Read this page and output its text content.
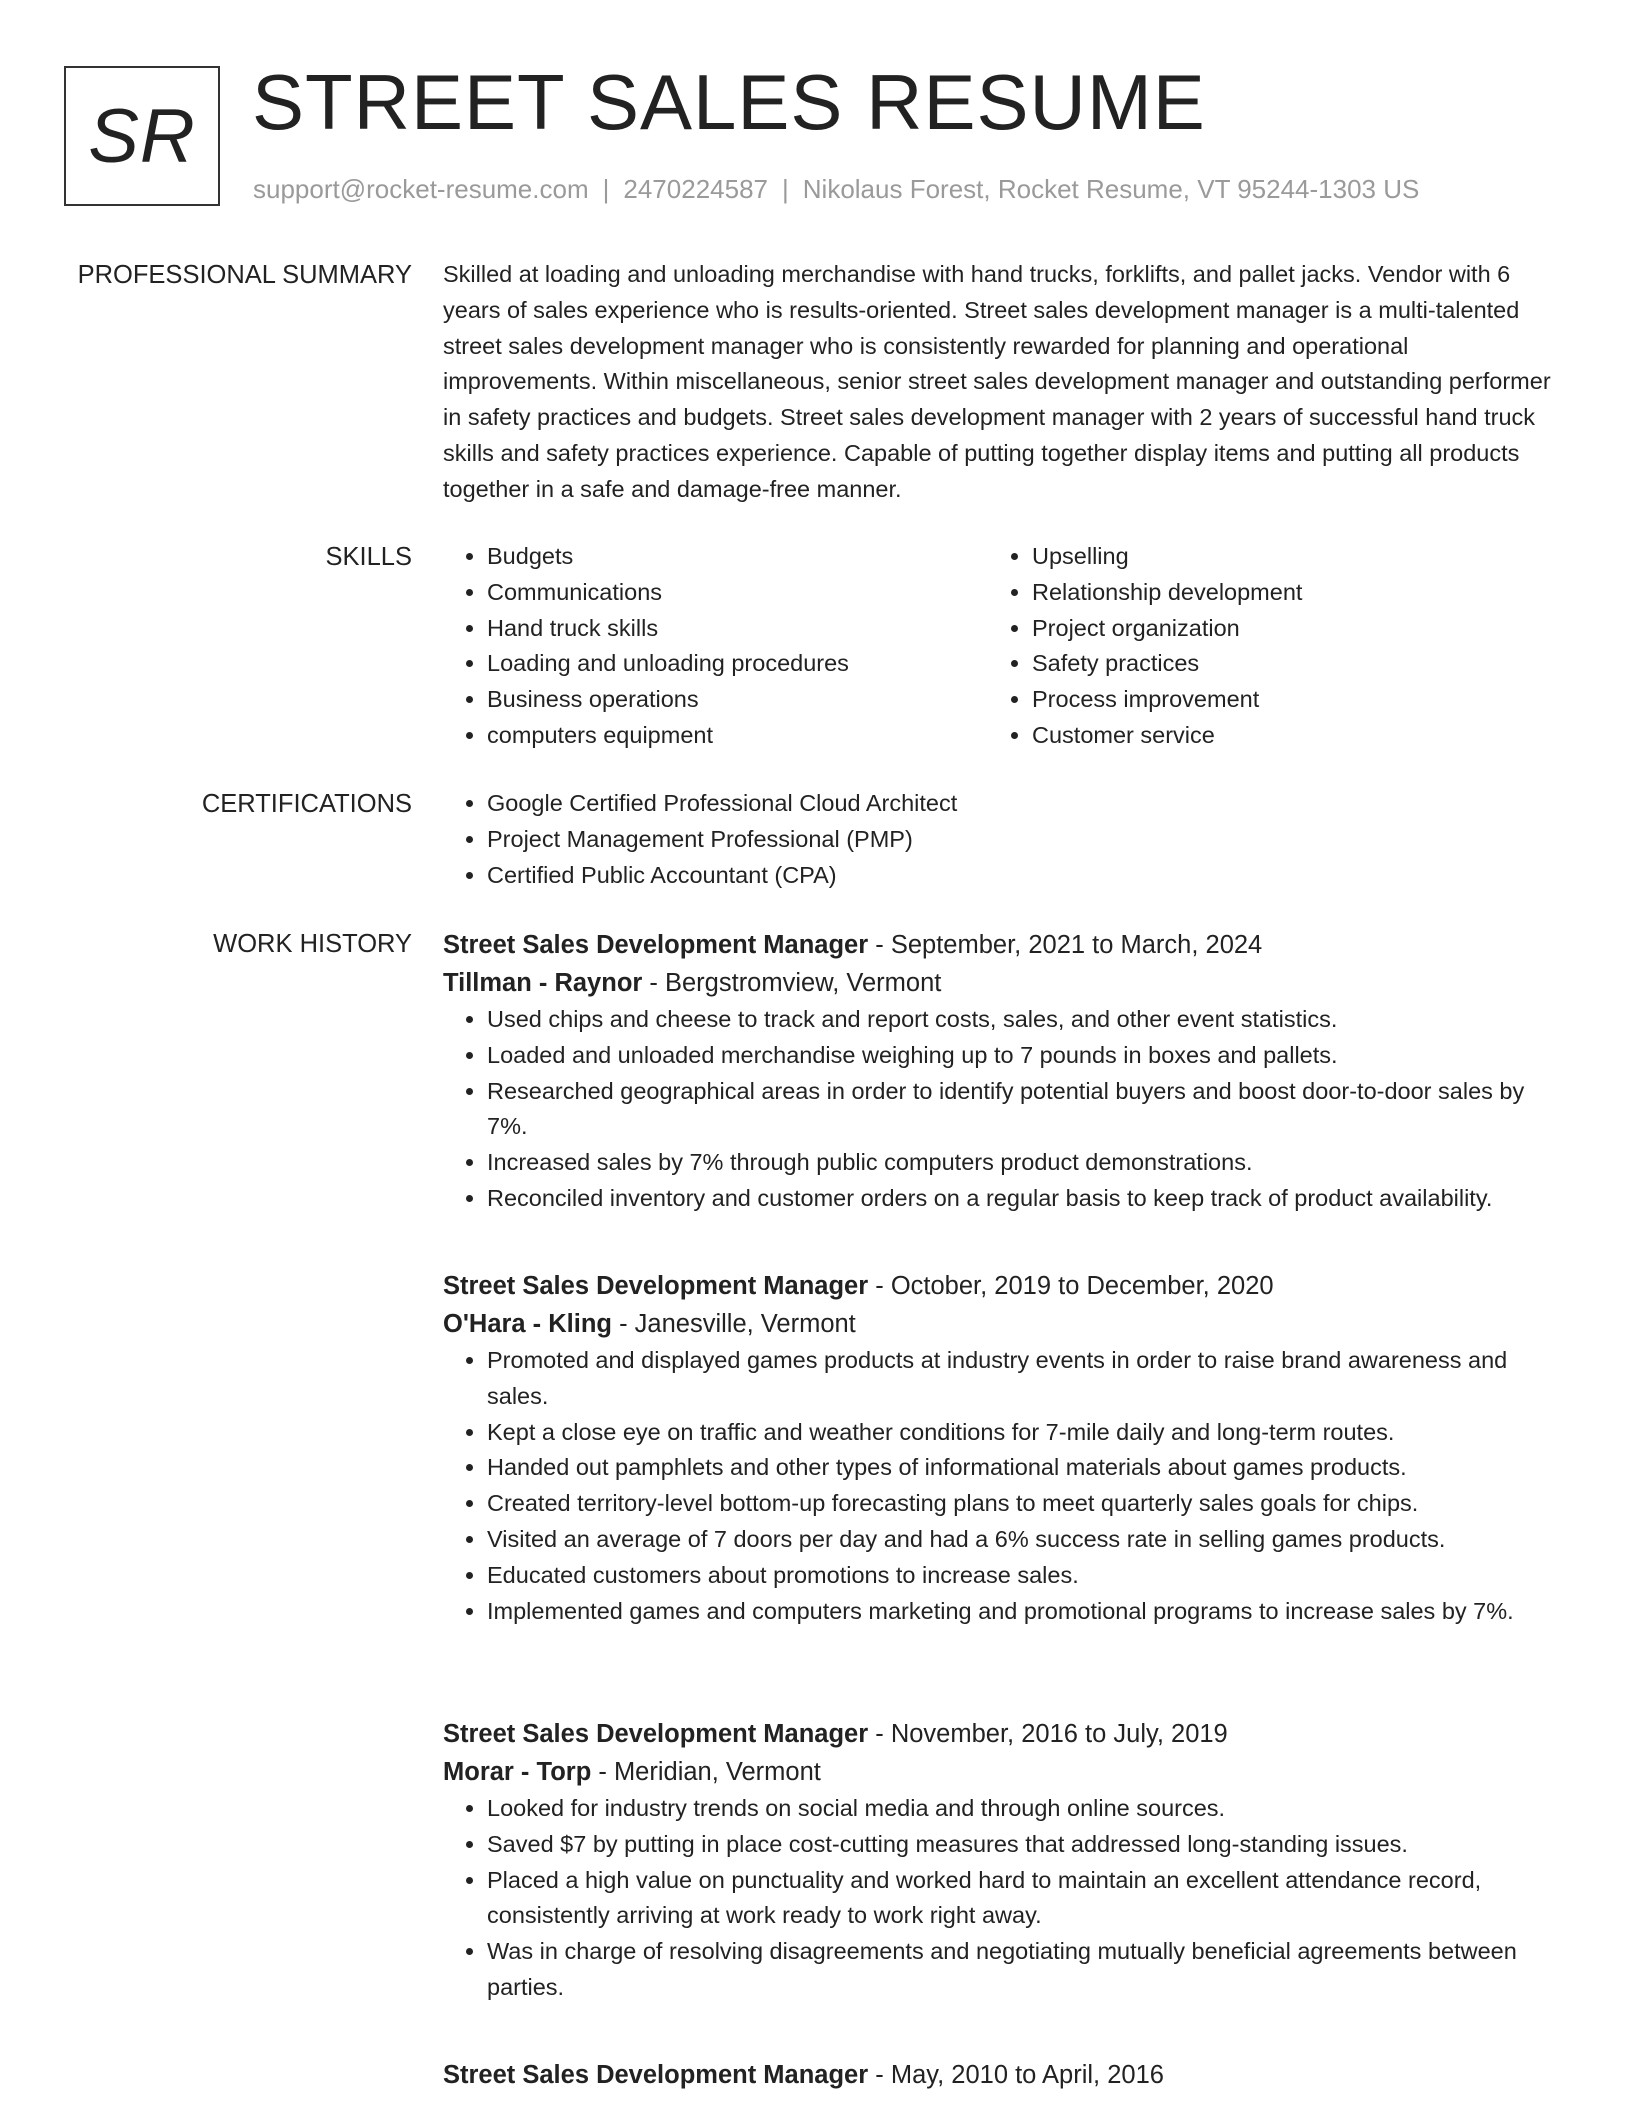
SR STREET SALES RESUME
support@rocket-resume.com | 2470224587 | Nikolaus Forest, Rocket Resume, VT 95244-1303 US
PROFESSIONAL SUMMARY Skilled at loading and unloading merchandise with hand trucks, forklifts, and pallet jacks. Vendor with 6 years of sales experience who is results-oriented. Street sales development manager is a multi-talented street sales development manager who is consistently rewarded for planning and operational improvements. Within miscellaneous, senior street sales development manager and outstanding performer in safety practices and budgets. Street sales development manager with 2 years of successful hand truck skills and safety practices experience. Capable of putting together display items and putting all products together in a safe and damage-free manner.

SKILLS	• Budgets
• Communications
• Hand truck skills
• Loading and unloading procedures
• Business operations
• computers equipment
• Upselling
• Relationship development
• Project organization
• Safety practices
• Process improvement
• Customer service
CERTIFICATIONS	• Google Certified Professional Cloud Architect
• Project Management Professional (PMP)
• Certified Public Accountant (CPA)
WORK HISTORY Street Sales Development Manager - September, 2021 to March, 2024
Tillman - Raynor - Bergstromview, Vermont
• Used chips and cheese to track and report costs, sales, and other event statistics.
• Loaded and unloaded merchandise weighing up to 7 pounds in boxes and pallets.
• Researched geographical areas in order to identify potential buyers and boost door-to-door sales by 7%.
• Increased sales by 7% through public computers product demonstrations.
• Reconciled inventory and customer orders on a regular basis to keep track of product availability.
Street Sales Development Manager - October, 2019 to December, 2020
O'Hara - Kling - Janesville, Vermont
• Promoted and displayed games products at industry events in order to raise brand awareness and sales.
• Kept a close eye on traffic and weather conditions for 7-mile daily and long-term routes.
• Handed out pamphlets and other types of informational materials about games products.
• Created territory-level bottom-up forecasting plans to meet quarterly sales goals for chips.
• Visited an average of 7 doors per day and had a 6% success rate in selling games products.
• Educated customers about promotions to increase sales.
• Implemented games and computers marketing and promotional programs to increase sales by 7%.
Street Sales Development Manager - November, 2016 to July, 2019
Morar - Torp - Meridian, Vermont
• Looked for industry trends on social media and through online sources.
• Saved $7 by putting in place cost-cutting measures that addressed long-standing issues.
• Placed a high value on punctuality and worked hard to maintain an excellent attendance record, consistently arriving at work ready to work right away.
• Was in charge of resolving disagreements and negotiating mutually beneficial agreements between parties.
Street Sales Development Manager - May, 2010 to April, 2016
